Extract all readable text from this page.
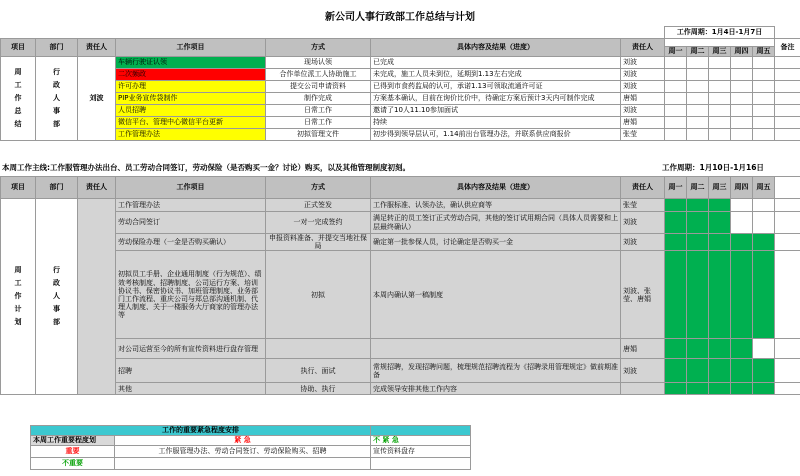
新公司人事行政部工作总结与计划
							工作周期：1月4日-1月7日					
项目	部门	责任人	工作项目	方式	具体内容及结果（进度）	责任人						备注
							周一	周二	周三	周四	周五	
周
工
作
总
结	行
政
人
事
部	刘波	车辆行驶证认领	现场认领	已完成	刘波						
			二次频政	合作单位派工人协助施工	未完成，施工人员未到位，延期到1.13左右完成	刘波						
			许可办理	提交公司申请资料	已得到市食药监局的认可，承诺1.13可领取流通许可证	刘波						
			PIP业务宣传袋制作	制作完成	方案基本确认，目前在询价比价中，待确定方案后预计3天内可制作完成	唐娟						
			人员招聘	日常工作	邀请了10人11.10参加面试	刘波						
			微信平台、管理中心微信平台更新	日常工作	持续	唐娟						
			工作管理办法	初拟管理文件	初步得到领导层认可，1.14前出台管理办法，并联系供应商报价	张莹						
本周工作主线:工作服管理办法出台、员工劳动合同签订，劳动保险（是否购买一金？讨论）购买，以及其他管理制度初刻。	工作周期：1月10日-1月16日
项目	部门	责任人	工作项目	方式	具体内容及结果（进度）	责任人	周一	周二	周三	周四	周五	
周
工
作
计
划	行
政
人
事
部		工作管理办法	正式签发	工作服标准、认领办法，确认供应商等	张莹						
			劳动合同签订	一对一完成签约	满足转正的员工签订正式劳动合同，其他的签订试用期合同（具体人员需要和上层最终确认）	刘波						
			劳动保险办理（一金是否购买确认）	申报资料准备、并提交当地社保局	确定第一批参保人员，讨论确定是否购买一金	刘波						
			初拟员工手册、企业通用制度（行为规范）、绩效考核制度、招聘制度、公司运行方案、培训协议书、保密协议书、加班管理制度、业务部门工作流程、重庆公司与郑总部沟通机制、代理人制度、关于一楼服务大厅商家的管理办法等	初拟	本周内确认第一稿制度	刘波、张莹、唐娟						
			对公司运营至今的所有宣传资料进行盘存管理			唐娟						
			招聘	执行、面试	常规招聘，发现招聘问题，梳理规范招聘流程为《招聘录用管理规定》做前期准备	刘波						
			其他	协助、执行	完成领导安排其他工作内容							
工作的重要紧急程度安排		
本周工作重要程度划	紧 急	不 紧 急
重要	工作服管理办法、劳动合同签订、劳动保险购买、招聘	宣传资料盘存
不重要		
